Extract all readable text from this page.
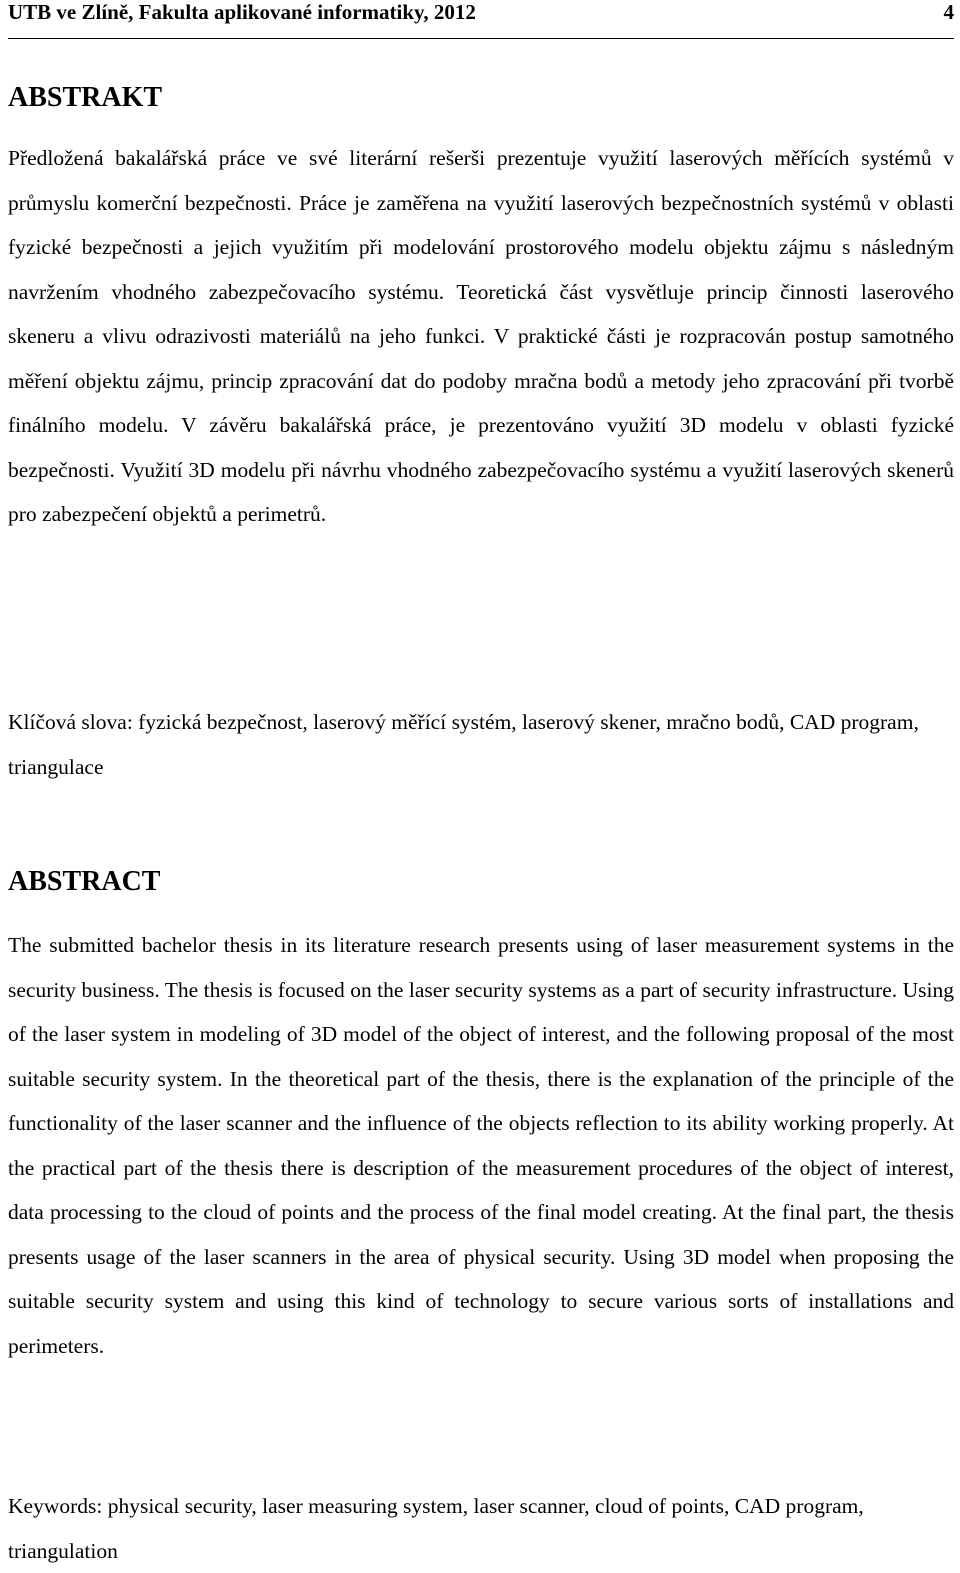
UTB ve Zlíně, Fakulta aplikované informatiky, 2012	4
ABSTRAKT

Předložená bakalářská práce ve své literární rešerši prezentuje využití laserových měřících systémů v průmyslu komerční bezpečnosti. Práce je zaměřena na využití laserových bezpečnostních systémů v oblasti fyzické bezpečnosti a jejich využitím při modelování prostorového modelu objektu zájmu s následným navržením vhodného zabezpečovacího systému. Teoretická část vysvětluje princip činnosti laserového skeneru a vlivu odrazivosti materiálů na jeho funkci. V praktické části je rozpracován postup samotného měření objektu zájmu, princip zpracování dat do podoby mračna bodů a metody jeho zpracování při tvorbě finálního modelu. V závěru bakalářská práce, je prezentováno využití 3D modelu v oblasti fyzické bezpečnosti. Využití 3D modelu při návrhu vhodného zabezpečovacího systému a využití laserových skenerů pro zabezpečení objektů a perimetrů.

Klíčová slova: fyzická bezpečnost, laserový měřící systém, laserový skener, mračno bodů, CAD program, triangulace

ABSTRACT

The submitted bachelor thesis in its literature research presents using of laser measurement systems in the security business. The thesis is focused on the laser security systems as a part of security infrastructure. Using of the laser system in modeling of 3D model of the object of interest, and the following proposal of the most suitable security system. In the theoretical part of the thesis, there is the explanation of the principle of the functionality of the laser scanner and the influence of the objects reflection to its ability working properly. At the practical part of the thesis there is description of the measurement procedures of the object of interest, data processing to the cloud of points and the process of the final model creating. At the final part, the thesis presents usage of the laser scanners in the area of physical security. Using 3D model when proposing the suitable security system and using this kind of technology to secure various sorts of installations and perimeters.

Keywords: physical security, laser measuring system, laser scanner, cloud of points, CAD program, triangulation
